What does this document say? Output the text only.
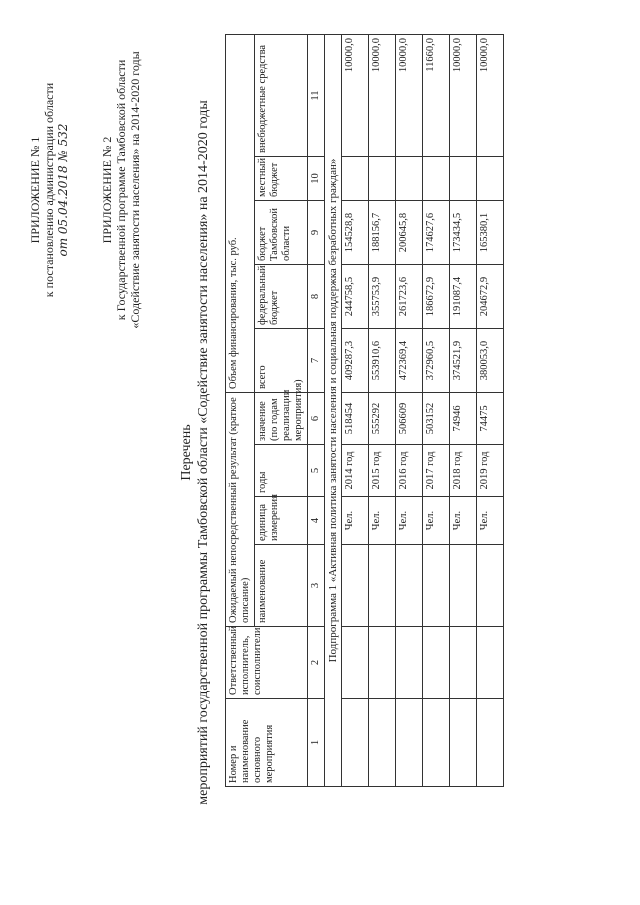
ПРИЛОЖЕНИЕ № 1 к постановлению администрации области от 05.04.2018 № 532	ПРИЛОЖЕНИЕ № 2 к Государственной программе Тамбовской области «Содействие занятости населения» на 2014-2020 годы
Перечень мероприятий государственной программы Тамбовской области «Содействие занятости населения» на 2014-2020 годы Номер и наименование основного мероприятия	Ответственный исполнитель, соисполнители	Ожидаемый непосредственный результат (краткое описание)				Объем финансирования, тыс. руб.				
		наименование	единица измерения	годы	значение (по годам реализации мероприятия)	всего	федеральный бюджет	бюджет Тамбовской области	местный бюджет	внебюджетные средства
1	2	3	4	5	6	7	8	9	10	11
Подпрограмма 1 «Активная политика занятости населения и социальная поддержка безработных граждан»										
			Чел.	2014 год	518454	409287,3	244758,5	154528,8		10000,0
			Чел.	2015 год	555292	553910,6	355753,9	188156,7		10000,0
			Чел.	2016 год	506609	472369,4	261723,6	200645,8		10000,0
			Чел.	2017 год	503152	372960,5	186672,9	174627,6		11660,0
			Чел.	2018 год	74946	374521,9	191087,4	173434,5		10000,0
			Чел.	2019 год	74475	380053,0	204672,9	165380,1		10000,0
